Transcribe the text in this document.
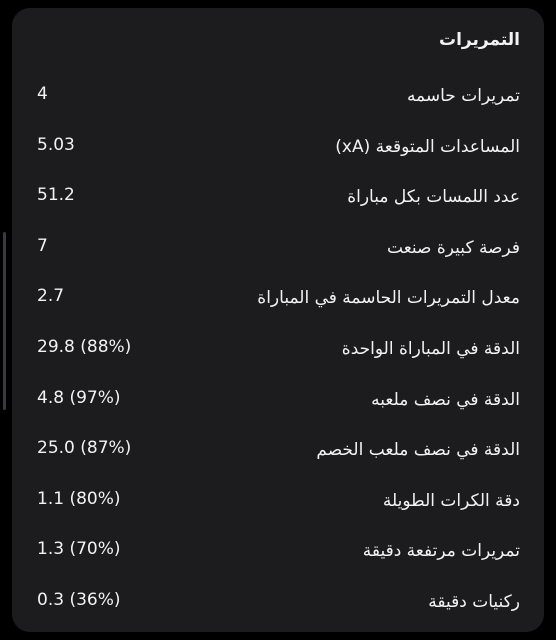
التمريرات
تمريرات حاسمه
4
المساعدات المتوقعة (xA)
5.03
عدد اللمسات بكل مباراة
51.2
فرصة كبيرة صنعت
7
معدل التمريرات الحاسمة في المباراة
2.7
الدقة في المباراة الواحدة
29.8 (88%)
الدقة في نصف ملعبه
4.8 (97%)
الدقة في نصف ملعب الخصم
25.0 (87%)
دقة الكرات الطويلة
1.1 (80%)
تمريرات مرتفعة دقيقة
1.3 (70%)
ركنيات دقيقة
0.3 (36%)
